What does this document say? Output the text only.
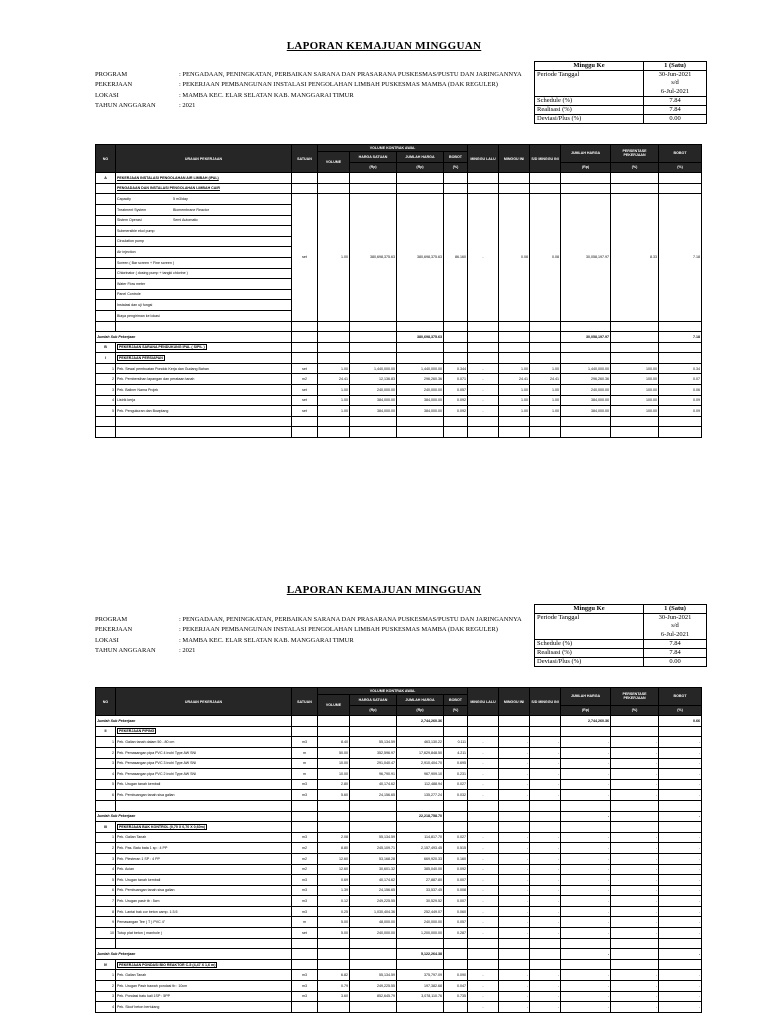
LAPORAN KEMAJUAN MINGGUAN
PROGRAM	: PENGADAAN, PENINGKATAN, PERBAIKAN SARANA DAN PRASARANA PUSKESMAS/PUSTU DAN JARINGANNYA
PEKERJAAN	: PEKERJAAN PEMBANGUNAN INSTALASI PENGOLAHAN LIMBAH PUSKESMAS MAMBA (DAK REGULER)
LOKASI	: MAMBA KEC. ELAR SELATAN KAB. MANGGARAI TIMUR
TAHUN ANGGARAN	: 2021
Minggu Ke	1 (Satu)
Periode Tanggal	30-Jun-2021
	s/d
	6-Jul-2021
Schedule (%)	7.84
Realisasi (%)	7.84
Deviasi/Plus (%)	0.00
NO	URAIAN PEKERJAAN	SATUAN	VOLUME KONTRAK AWAL				MINGGU LALU	MINGGU INI	S/D MINGGU INI	JUMLAH HARGA	PERSENTASE PEKERJAAN	BOBOT
			VOLUME	HARGA SATUAN	JUMLAH HARGA	BOBOT						
				(Rp)	(Rp)	(%)				(Rp)	(%)	(%)
A	PEKERJAAN INSTALASI PENGOLAHAN AIR LIMBAH (IPAL)											
	PENGADAAN DAN INSTALASI PENGOLAHAN LIMBAH CAIR											
	Capacity 5 m3/day	set	1.00	380,698,375.63	380,698,375.63	86.160	-	0.08	0.08	30,058,197.97	8.33	7.18
	Treatment System Biomembrane Reactor											
	Sistem Operasi Semi Automatic											
	Submersible ekol pump											
	Circulation pump											
	Air injection											
	Screen ( Bar screen + Fine screen )											
	Chlorinator ( dosing pump + tangki chlorine )											
	Water Flow meter											
	Panel Controle											
	Instalasi dan uji fungsi											
	Biaya pengiriman ke lokasi											

Jumlah Sub Pekerjaan					380,698,375.63					30,058,197.97		7.18
B	PEKERJAAN SARANA PENDUKUNG IPAL ( SIPIL )											
I	PEKERJAAN PERSIAPAN											
1	Pek. Sewa/ pembuatan Pondok Kerja dan Gudang Bahan	set	1.00	1,440,000.00	1,440,000.00	0.344	-	1.00	1.00	1,440,000.00	100.00	0.34
2	Pek. Pembersihan lapangan dan perataan tanah	m2	24.41	12,136.83	296,260.36	0.071	-	24.41	24.41	296,260.36	100.00	0.07
3	Pek. Baliner Nama Projek	set	1.00	240,000.00	240,000.00	0.057	-	1.00	1.00	240,000.00	100.00	0.06
4	Listrik kerja	set	1.00	384,000.00	384,000.00	0.092	-	1.00	1.00	384,000.00	100.00	0.09
5	Pek. Pengukuran dan Bowplang	set	1.00	384,000.00	384,000.00	0.092	-	1.00	1.00	384,000.00	100.00	0.09

LAPORAN KEMAJUAN MINGGUAN
PROGRAM	: PENGADAAN, PENINGKATAN, PERBAIKAN SARANA DAN PRASARANA PUSKESMAS/PUSTU DAN JARINGANNYA
PEKERJAAN	: PEKERJAAN PEMBANGUNAN INSTALASI PENGOLAHAN LIMBAH PUSKESMAS MAMBA (DAK REGULER)
LOKASI	: MAMBA KEC. ELAR SELATAN KAB. MANGGARAI TIMUR
TAHUN ANGGARAN	: 2021
Minggu Ke	1 (Satu)
Periode Tanggal	30-Jun-2021
	s/d
	6-Jul-2021
Schedule (%)	7.84
Realisasi (%)	7.84
Deviasi/Plus (%)	0.00
NO	URAIAN PEKERJAAN	SATUAN	VOLUME KONTRAK AWAL				MINGGU LALU	MINGGU INI	S/D MINGGU INI	JUMLAH HARGA	PERSENTASE PEKERJAAN	BOBOT
			VOLUME	HARGA SATUAN	JUMLAH HARGA	BOBOT						
				(Rp)	(Rp)	(%)				(Rp)	(%)	(%)
Jumlah Sub Pekerjaan					2,744,260.36					2,744,260.36		0.66
II	PEKERJAAN PIPING											
1	Pek. Galian tanah dalam 50 - 80 cm	m3	8.40	55,134.59	463,130.22	0.111	-	-	-	-	-	-
2	Pek. Pemasangan pipa PVC 4 inchi Type AW SNI	m	50.00	352,596.97	17,629,848.50	4.211	-	-	-	-	-	-
3	Pek. Pemasangan pipa PVC 3 inchi Type AW SNI	m	10.00	291,040.47	2,910,404.70	0.695	-	-	-	-	-	-
4	Pek. Pemasangan pipa PVC 2 inchi Type AW SNI	m	10.00	96,790.91	967,909.10	0.231	-	-	-	-	-	-
5	Pek. Urugan tanah kembali	m3	2.80	40,174.62	112,488.94	0.027	-	-	-	-	-	-
6	Pek. Pembuangan tanah sisa galian	m3	5.60	24,156.65	135,277.24	0.032	-	-	-	-	-	-

Jumlah Sub Pekerjaan					22,218,758.70					-		-
III	PEKERJAAN BAK KONTROL (0,70 X 0,70 X 0,60m)											
1	Pek. Galian Tanah	m3	2.08	55,134.59	114,817.70	0.027	-	-	-	-	-	-
2	Pek. Pas. Batu bata 1 sp : 4 PP	m2	8.80	245,109.71	2,157,493.45	0.515	-	-	-	-	-	-
3	Pek. Plesteran 1 SP : 4 PP	m2	12.60	53,168.28	669,920.33	0.160	-	-	-	-	-	-
4	Pek. Acian	m2	12.60	30,601.32	385,040.00	0.092	-	-	-	-	-	-
5	Pek. Urugan tanah kembali	m3	0.69	40,174.62	27,887.80	0.007	-	-	-	-	-	-
6	Pek. Pembuangan tanah sisa galian	m3	1.39	24,156.65	33,537.45	0.008	-	-	-	-	-	-
7	Pek. Urugan pasir tb : 5cm	m3	0.12	249,225.55	30,529.52	0.007	-	-	-	-	-	-
8	Pek. Lantai bak cor beton camp. 1:3:5	m3	0.25	1,030,404.36	252,449.07	0.060	-	-	-	-	-	-
9	Pemasangan Tee ( T ) PVC 4"	m	5.00	48,000.00	240,000.00	0.057	-	-	-	-	-	-
10	Tutup plat beton ( manhole )	set	5.00	240,000.00	1,200,000.00	0.287	-	-	-	-	-	-

Jumlah Sub Pekerjaan					5,122,264.38					-		-
IV	PEKERJAAN PONDASI BIO REAKTOR C-5 (4,47 X 1,6 m)											
1	Pek. Galian Tanah	m3	6.82	55,134.59	375,797.09	0.090	-	-	-	-	-	-
2	Pek. Urugan Pasir bawah pondasi tb : 10cm	m3	0.79	249,225.55	197,382.68	0.047	-	-	-	-	-	-
3	Pek. Pondasi batu kali 1SP : 5PP	m3	3.60	852,645.79	3,078,110.76	0.735	-	-	-	-	-	-
4	Pek. Sloof beton bertulang						-	-	-	-	-	-
